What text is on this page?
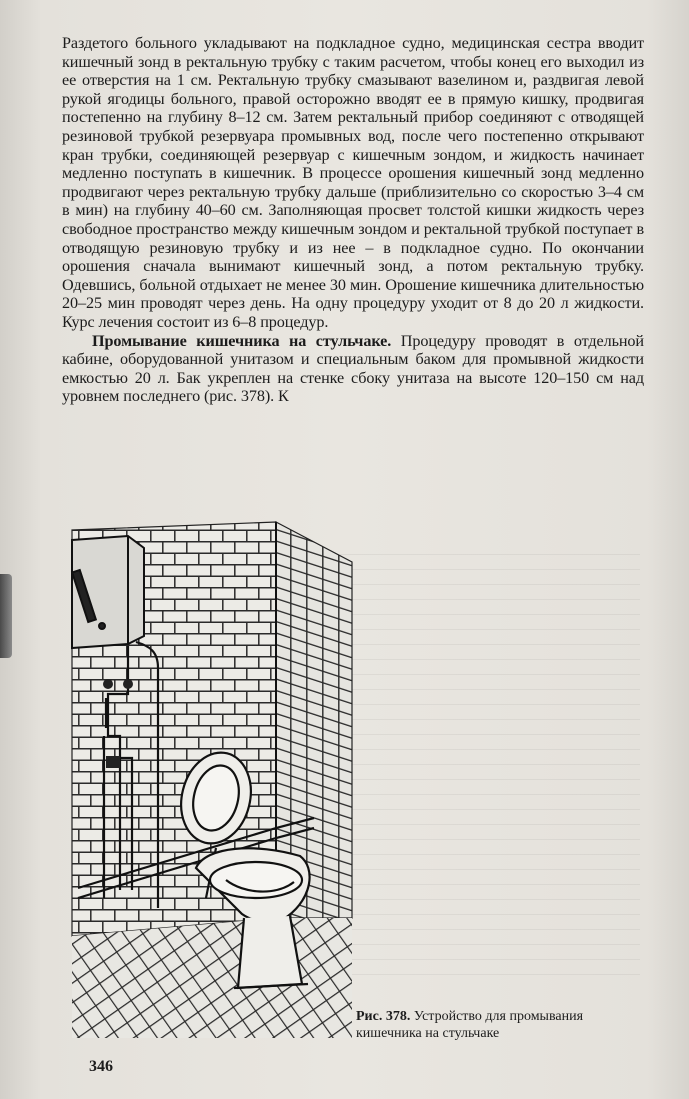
Раздетого больного укладывают на подкладное судно, медицинская сестра вводит кишечный зонд в ректальную трубку с таким расчетом, чтобы конец его выходил из ее отверстия на 1 см. Ректальную трубку смазывают вазелином и, раздвигая левой рукой ягодицы больного, правой осторожно вводят ее в прямую кишку, продвигая постепенно на глубину 8–12 см. Затем ректальный прибор соединяют с отводящей резиновой трубкой резервуара промывных вод, после чего постепенно открывают кран трубки, соединяющей резервуар с кишечным зондом, и жидкость начинает медленно поступать в кишечник. В процессе орошения кишечный зонд медленно продвигают через ректальную трубку дальше (приблизительно со скоростью 3–4 см в мин) на глубину 40–60 см. Заполняющая просвет толстой кишки жидкость через свободное пространство между кишечным зондом и ректальной трубкой поступает в отводящую резиновую трубку и из нее – в подкладное судно. По окончании орошения сначала вынимают кишечный зонд, а потом ректальную трубку. Одевшись, больной отдыхает не менее 30 мин. Орошение кишечника длительностью 20–25 мин проводят через день. На одну процедуру уходит от 8 до 20 л жидкости. Курс лечения состоит из 6–8 процедур.

Промывание кишечника на стульчаке. Процедуру проводят в отдельной кабине, оборудованной унитазом и специальным баком для промывной жидкости емкостью 20 л. Бак укреплен на стенке сбоку унитаза на высоте 120–150 см над уровнем последнего (рис. 378). К

Рис. 378. Устройство для промывания кишечника на стульчаке
346
